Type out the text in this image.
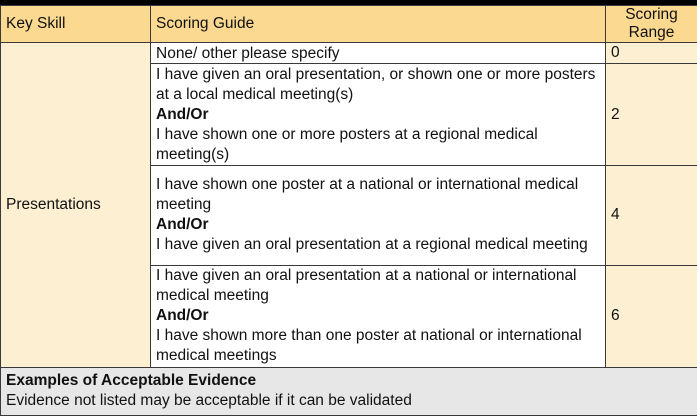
Key Skill	Scoring Guide	Scoring
Range
Presentations	None/ other please specify	0

	I have given an oral presentation, or shown one or more posters at a local medical meeting(s)
And/Or
I have shown one or more posters at a regional medical meeting(s)	2

	I have shown one poster at a national or international medical meeting
And/Or
I have given an oral presentation at a regional medical meeting	4

	I have given an oral presentation at a national or international medical meeting
And/Or
I have shown more than one poster at national or international medical meetings	6

Examples of Acceptable Evidence
Evidence not listed may be acceptable if it can be validated		
